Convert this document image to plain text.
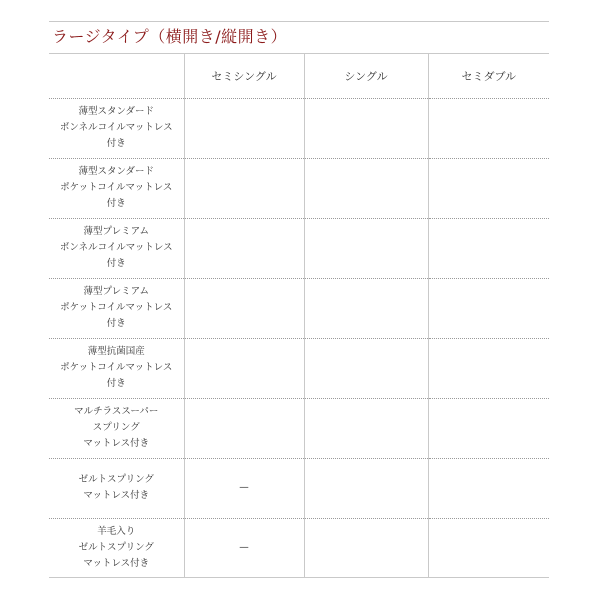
ラージタイプ（横開き/縦開き）
	セミシングル	シングル	セミダブル

薄型スタンダード
ボンネルコイルマットレス
付き			

薄型スタンダード
ポケットコイルマットレス
付き			

薄型プレミアム
ボンネルコイルマットレス
付き			

薄型プレミアム
ポケットコイルマットレス
付き			

薄型抗菌国産
ポケットコイルマットレス
付き			

マルチラススーパー
スプリング
マットレス付き			

ゼルトスプリング
マットレス付き	—		

羊毛入り
ゼルトスプリング
マットレス付き	—		
